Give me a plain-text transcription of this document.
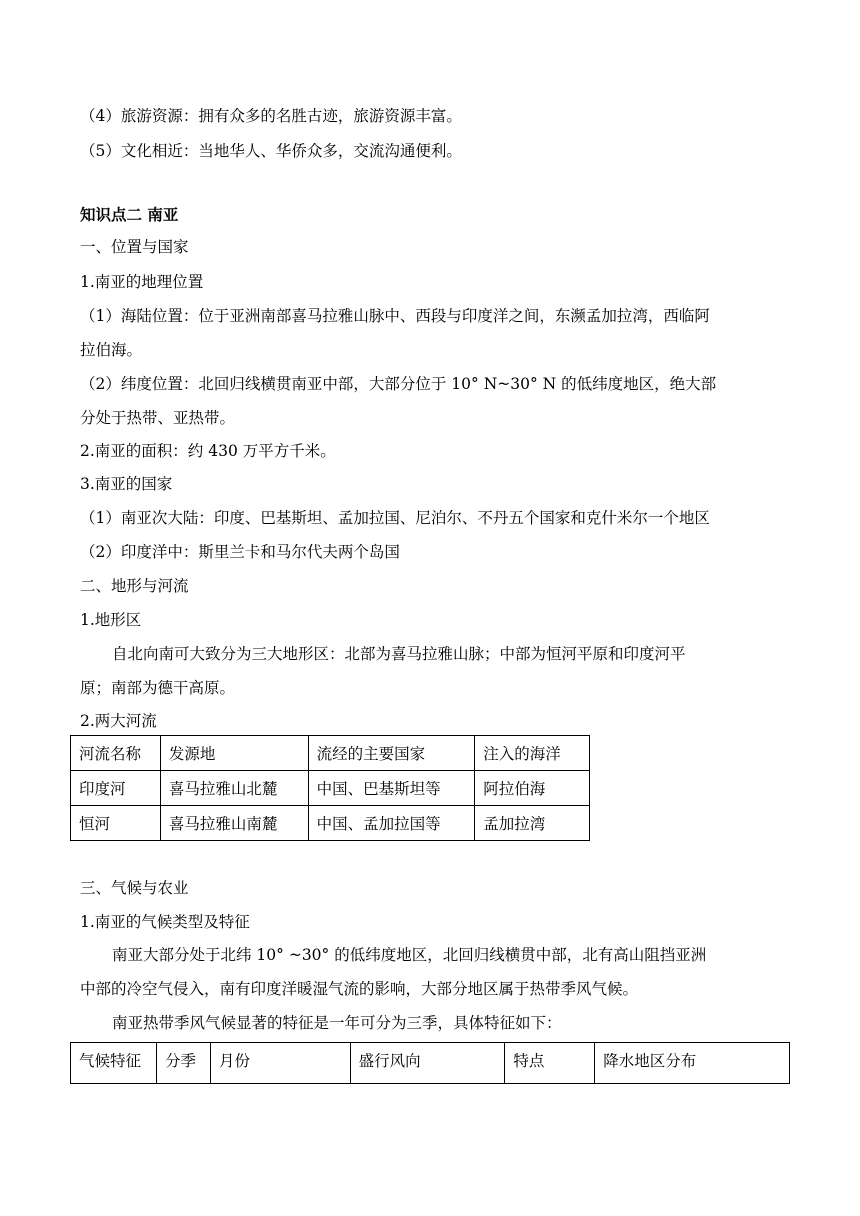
（4）旅游资源：拥有众多的名胜古迹，旅游资源丰富。
（5）文化相近：当地华人、华侨众多，交流沟通便利。
知识点二 南亚
一、位置与国家
1.南亚的地理位置
（1）海陆位置：位于亚洲南部喜马拉雅山脉中、西段与印度洋之间，东濒孟加拉湾，西临阿
拉伯海。
（2）纬度位置：北回归线横贯南亚中部，大部分位于 10° N~30° N 的低纬度地区，绝大部
分处于热带、亚热带。
2.南亚的面积：约 430 万平方千米。
3.南亚的国家
（1）南亚次大陆：印度、巴基斯坦、孟加拉国、尼泊尔、不丹五个国家和克什米尔一个地区
（2）印度洋中：斯里兰卡和马尔代夫两个岛国
二、地形与河流
1.地形区
自北向南可大致分为三大地形区：北部为喜马拉雅山脉；中部为恒河平原和印度河平
原；南部为德干高原。
2.两大河流
河流名称	发源地	流经的主要国家	注入的海洋
印度河	喜马拉雅山北麓	中国、巴基斯坦等	阿拉伯海
恒河	喜马拉雅山南麓	中国、孟加拉国等	孟加拉湾
三、气候与农业
1.南亚的气候类型及特征
南亚大部分处于北纬 10° ~30° 的低纬度地区，北回归线横贯中部，北有高山阻挡亚洲
中部的冷空气侵入，南有印度洋暖湿气流的影响，大部分地区属于热带季风气候。
南亚热带季风气候显著的特征是一年可分为三季，具体特征如下：
气候特征	分季	月份	盛行风向	特点	降水地区分布
